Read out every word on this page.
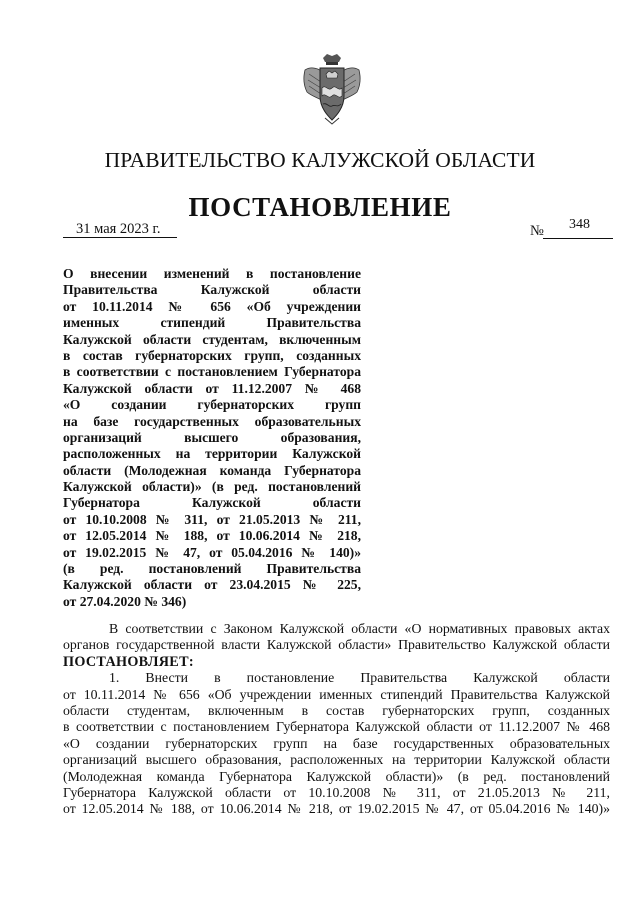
ПРАВИТЕЛЬСТВО КАЛУЖСКОЙ ОБЛАСТИ
ПОСТАНОВЛЕНИЕ
31 мая 2023 г.	№ 348
О внесении изменений в постановление
Правительства Калужской области
от 10.11.2014 № 656 «Об учреждении
именных стипендий Правительства
Калужской области студентам, включенным
в состав губернаторских групп, созданных
в соответствии с постановлением Губернатора
Калужской области от 11.12.2007 № 468
«О создании губернаторских групп
на базе государственных образовательных
организаций высшего образования,
расположенных на территории Калужской
области (Молодежная команда Губернатора
Калужской области)» (в ред. постановлений
Губернатора Калужской области
от 10.10.2008 № 311, от 21.05.2013 № 211,
от 12.05.2014 № 188, от 10.06.2014 № 218,
от 19.02.2015 № 47, от 05.04.2016 № 140)»
(в ред. постановлений Правительства
Калужской области от 23.04.2015 № 225,
от 27.04.2020 № 346)
В соответствии с Законом Калужской области «О нормативных правовых актах
органов государственной власти Калужской области» Правительство Калужской области
ПОСТАНОВЛЯЕТ:
1. Внести в постановление Правительства Калужской области
от 10.11.2014 № 656 «Об учреждении именных стипендий Правительства Калужской
области студентам, включенным в состав губернаторских групп, созданных
в соответствии с постановлением Губернатора Калужской области от 11.12.2007 № 468
«О создании губернаторских групп на базе государственных образовательных
организаций высшего образования, расположенных на территории Калужской области
(Молодежная команда Губернатора Калужской области)» (в ред. постановлений
Губернатора Калужской области от 10.10.2008 № 311, от 21.05.2013 № 211,
от 12.05.2014 № 188, от 10.06.2014 № 218, от 19.02.2015 № 47, от 05.04.2016 № 140)»
